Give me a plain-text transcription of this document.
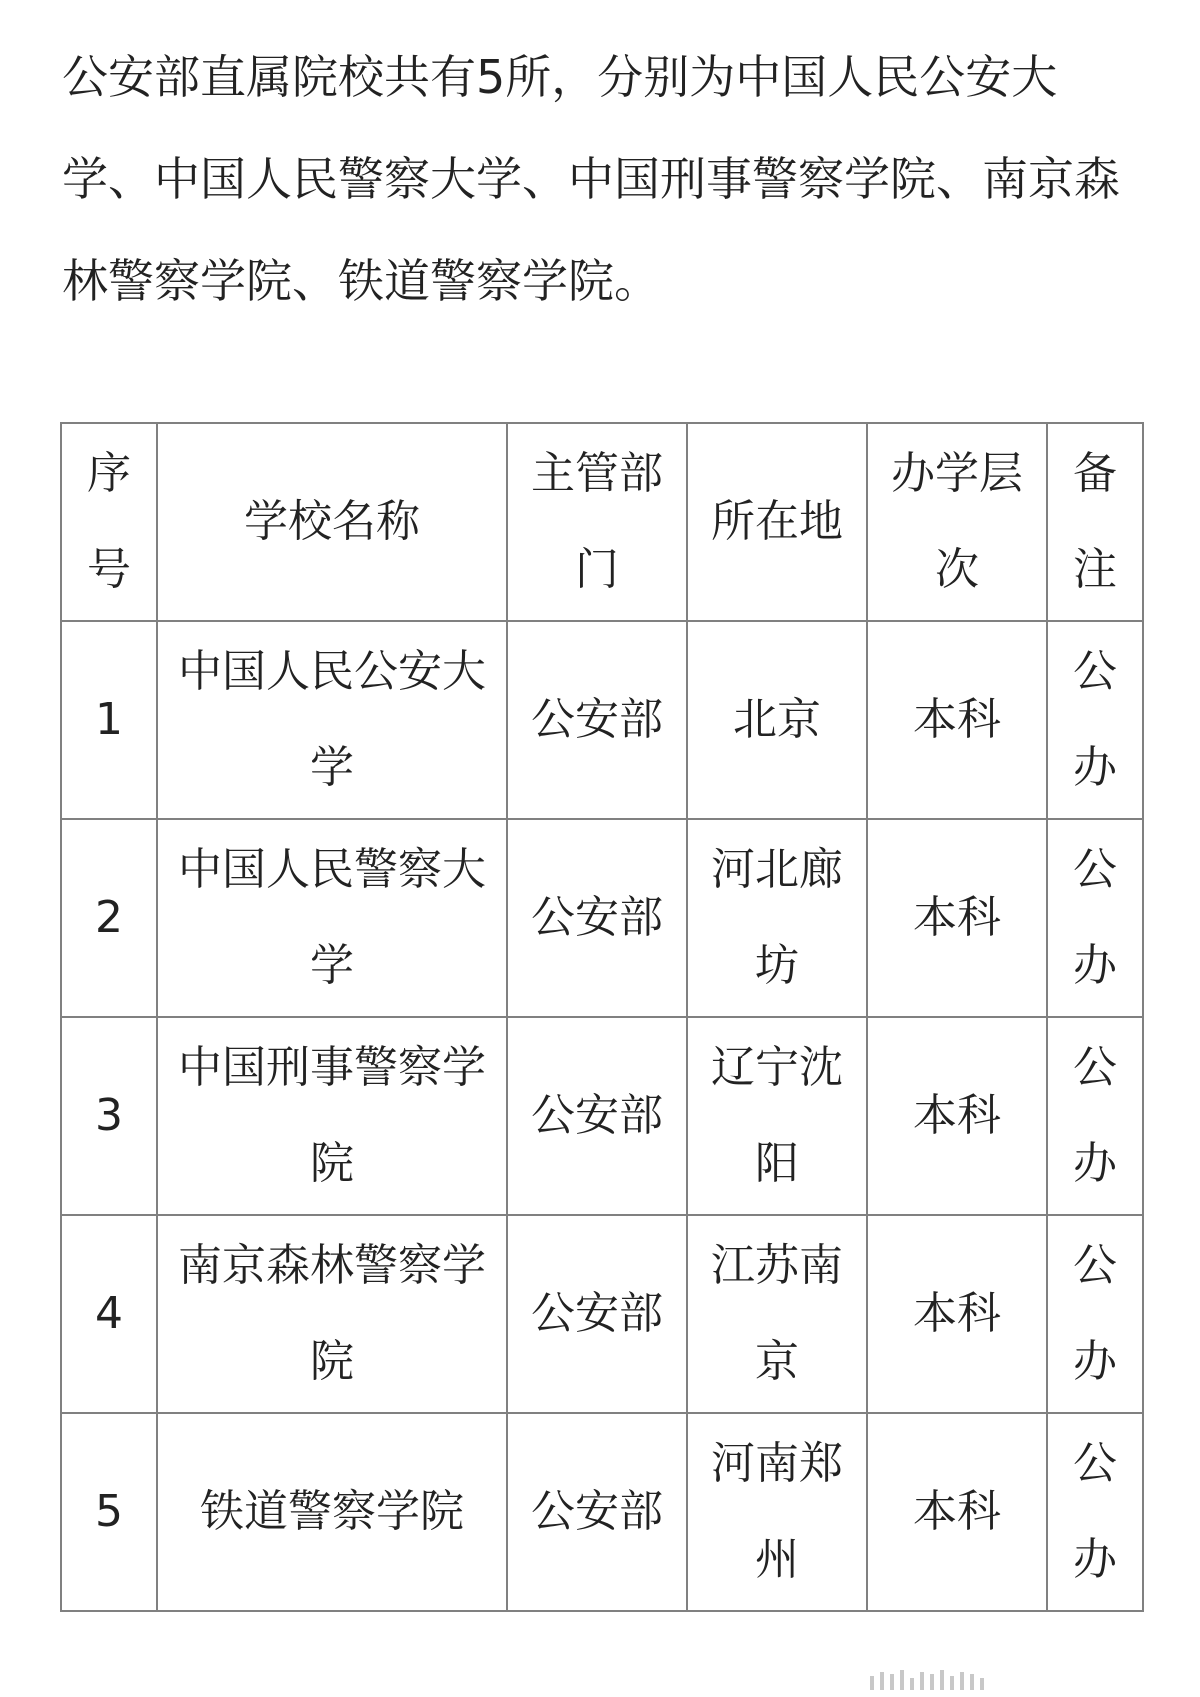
公安部直属院校共有5所，分别为中国人民公安大学、中国人民警察大学、中国刑事警察学院、南京森林警察学院、铁道警察学院。

序号	学校名称	主管部门	所在地	办学层次	备注
1	中国人民公安大学	公安部	北京	本科	公办
2	中国人民警察大学	公安部	河北廊坊	本科	公办
3	中国刑事警察学院	公安部	辽宁沈阳	本科	公办
4	南京森林警察学院	公安部	江苏南京	本科	公办
5	铁道警察学院	公安部	河南郑州	本科	公办
